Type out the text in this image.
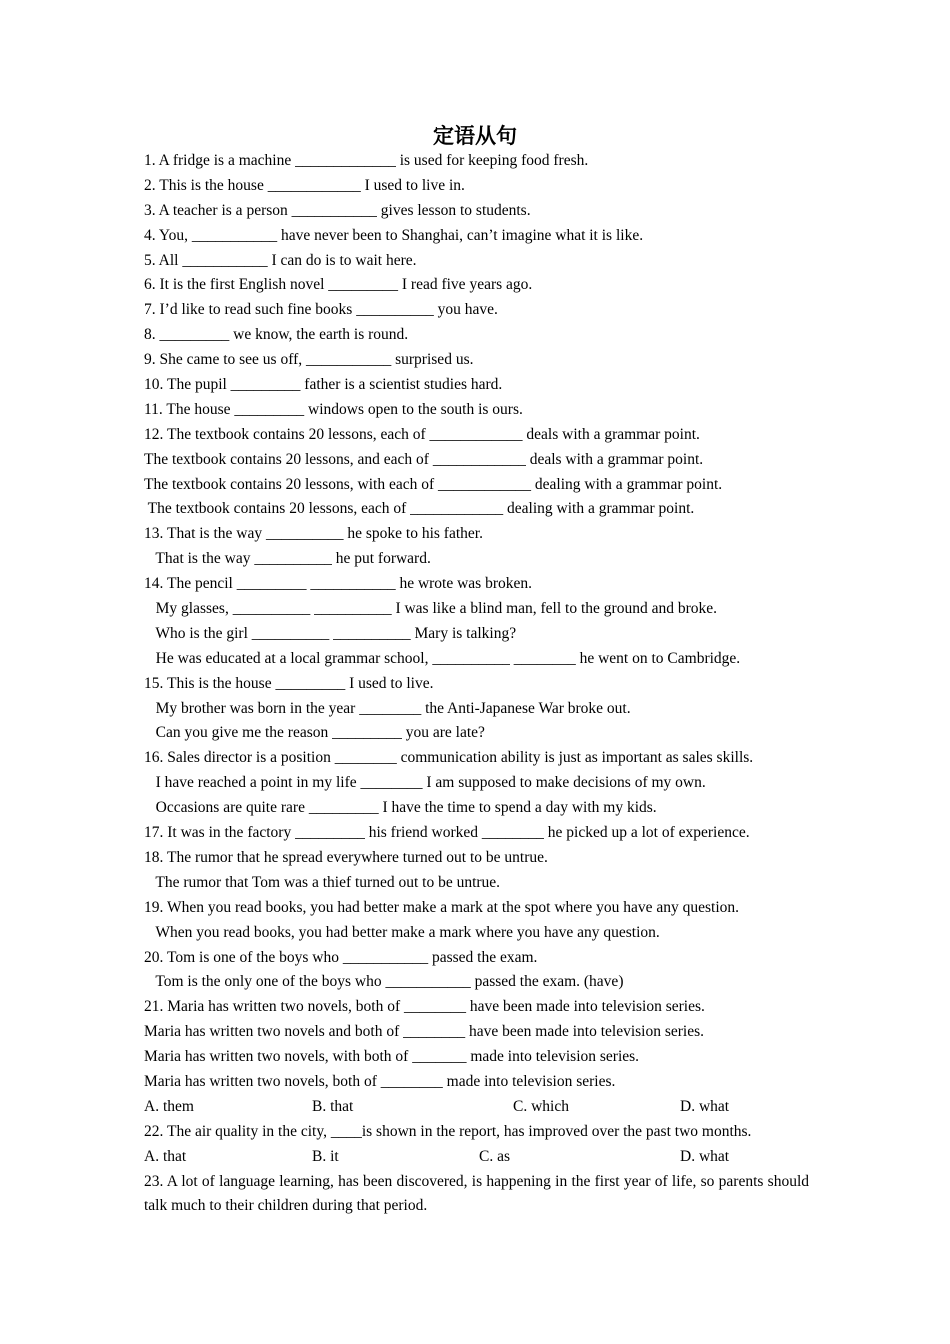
定语从句
1. A fridge is a machine _____________ is used for keeping food fresh.
2. This is the house ____________ I used to live in.
3. A teacher is a person ___________ gives lesson to students.
4. You, ___________ have never been to Shanghai, can’t imagine what it is like.
5. All ___________ I can do is to wait here.
6. It is the first English novel _________ I read five years ago.
7. I’d like to read such fine books __________ you have.
8. _________ we know, the earth is round.
9. She came to see us off, ___________ surprised us.
10. The pupil _________ father is a scientist studies hard.
11. The house _________ windows open to the south is ours.
12. The textbook contains 20 lessons, each of ____________ deals with a grammar point.
The textbook contains 20 lessons, and each of ____________ deals with a grammar point.
The textbook contains 20 lessons, with each of ____________ dealing with a grammar point.
The textbook contains 20 lessons, each of ____________ dealing with a grammar point.
13. That is the way __________ he spoke to his father.
That is the way __________ he put forward.
14. The pencil _________ ___________ he wrote was broken.
My glasses, __________ __________ I was like a blind man, fell to the ground and broke.
Who is the girl __________ __________ Mary is talking?
He was educated at a local grammar school, __________ ________ he went on to Cambridge.
15. This is the house _________ I used to live.
My brother was born in the year ________ the Anti-Japanese War broke out.
Can you give me the reason _________ you are late?
16. Sales director is a position ________ communication ability is just as important as sales skills.
I have reached a point in my life ________ I am supposed to make decisions of my own.
Occasions are quite rare _________ I have the time to spend a day with my kids.
17. It was in the factory _________ his friend worked ________ he picked up a lot of experience.
18. The rumor that he spread everywhere turned out to be untrue.
The rumor that Tom was a thief turned out to be untrue.
19. When you read books, you had better make a mark at the spot where you have any question.
When you read books, you had better make a mark where you have any question.
20. Tom is one of the boys who ___________ passed the exam.
Tom is the only one of the boys who ___________ passed the exam. (have)
21. Maria has written two novels, both of ________ have been made into television series.
Maria has written two novels and both of ________ have been made into television series.
Maria has written two novels, with both of _______ made into television series.
Maria has written two novels, both of ________ made into television series.
A. them	B. that	C. which	D. what
22. The air quality in the city, ____is shown in the report, has improved over the past two months.
A. that	B. it	C. as	D. what
23. A lot of language learning, has been discovered, is happening in the first year of life, so parents should talk much to their children during that period.
